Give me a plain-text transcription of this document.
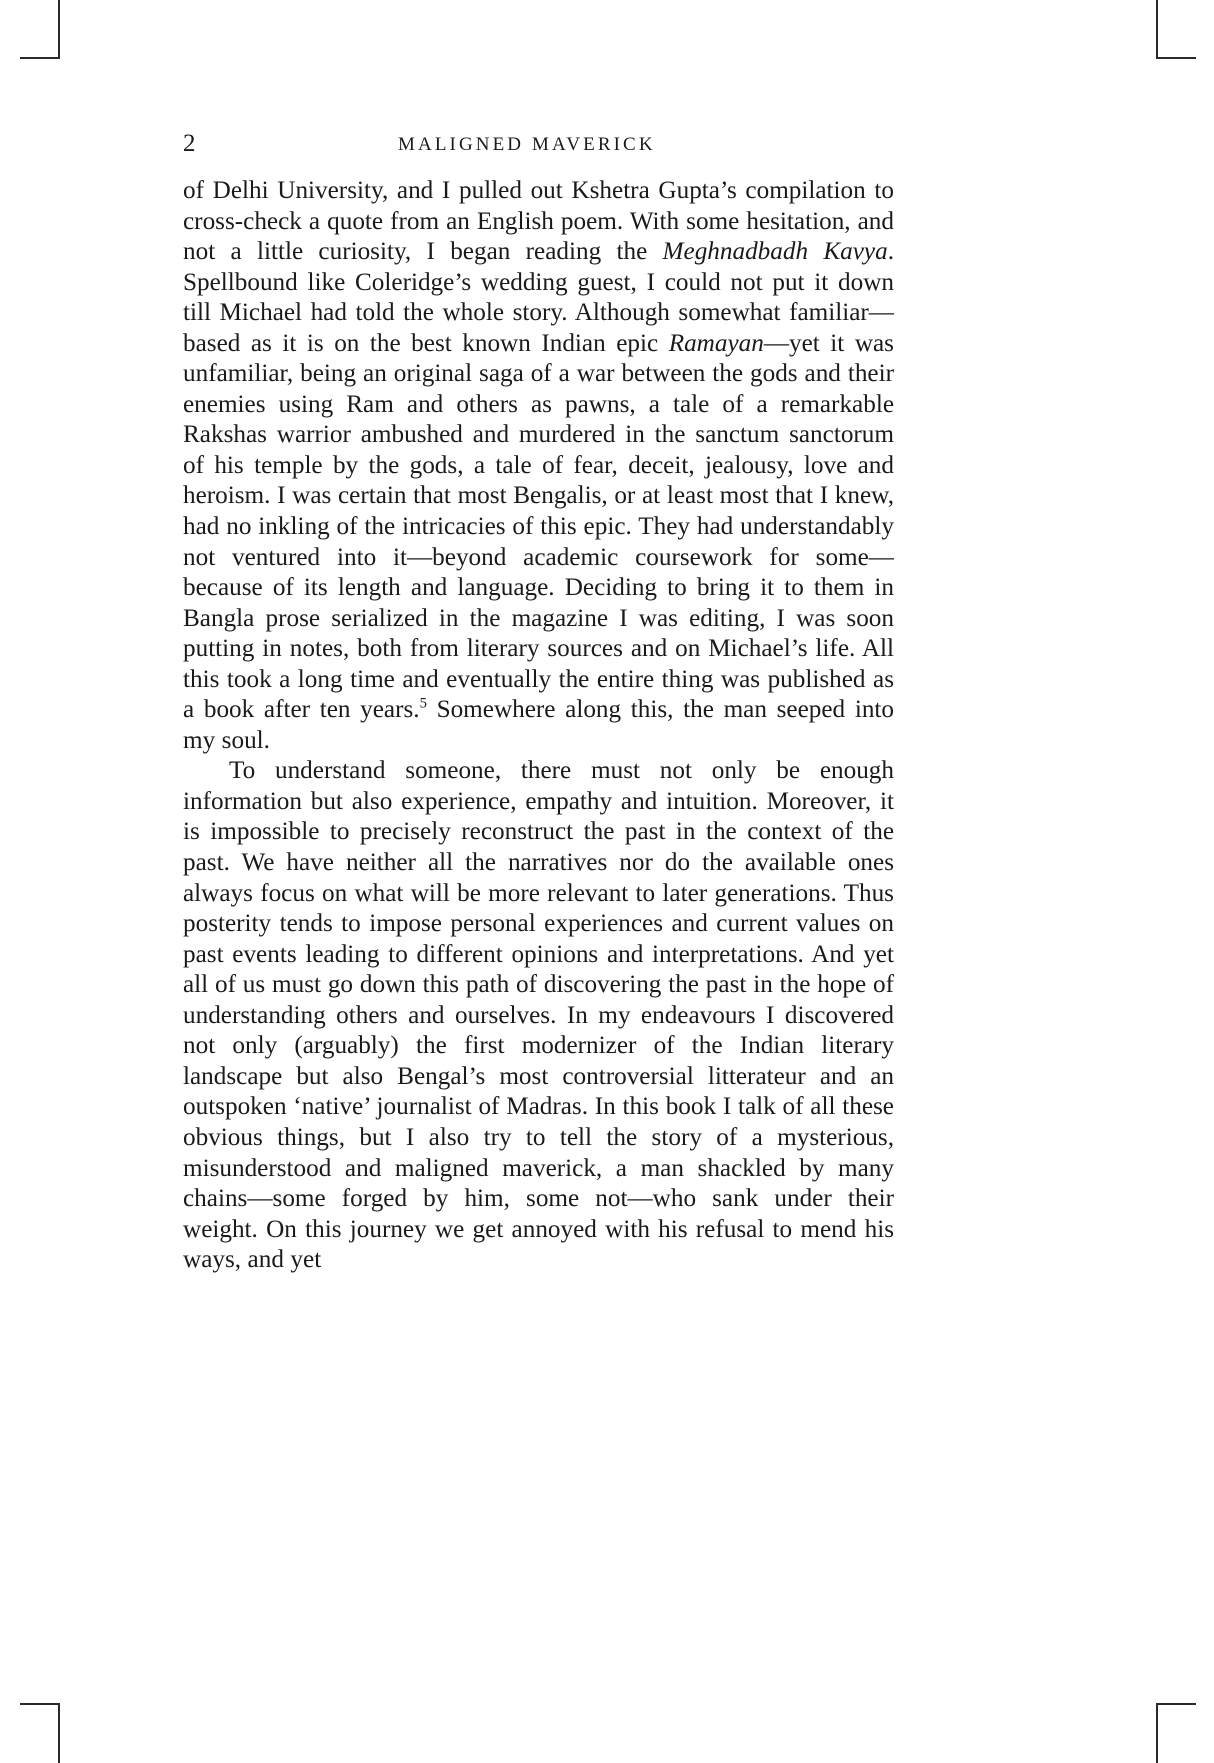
2	MALIGNED MAVERICK

of Delhi University, and I pulled out Kshetra Gupta’s compilation to cross-check a quote from an English poem. With some hesitation, and not a little curiosity, I began reading the Meghnadbadh Kavya. Spellbound like Coleridge’s wedding guest, I could not put it down till Michael had told the whole story. Although somewhat familiar—based as it is on the best known Indian epic Ramayan—yet it was unfamiliar, being an original saga of a war between the gods and their enemies using Ram and others as pawns, a tale of a remarkable Rakshas warrior ambushed and murdered in the sanctum sanctorum of his temple by the gods, a tale of fear, deceit, jealousy, love and heroism. I was certain that most Bengalis, or at least most that I knew, had no inkling of the intricacies of this epic. They had understandably not ventured into it—beyond academic coursework for some—because of its length and language. Deciding to bring it to them in Bangla prose serialized in the magazine I was editing, I was soon putting in notes, both from literary sources and on Michael’s life. All this took a long time and eventually the entire thing was published as a book after ten years.$^5$ Somewhere along this, the man seeped into my soul.

To understand someone, there must not only be enough information but also experience, empathy and intuition. Moreover, it is impossible to precisely reconstruct the past in the context of the past. We have neither all the narratives nor do the available ones always focus on what will be more relevant to later generations. Thus posterity tends to impose personal experiences and current values on past events leading to different opinions and interpretations. And yet all of us must go down this path of discovering the past in the hope of understanding others and ourselves. In my endeavours I discovered not only (arguably) the first modernizer of the Indian literary landscape but also Bengal’s most controversial litterateur and an outspoken ‘native’ journalist of Madras. In this book I talk of all these obvious things, but I also try to tell the story of a mysterious, misunderstood and maligned maverick, a man shackled by many chains—some forged by him, some not—who sank under their weight. On this journey we get annoyed with his refusal to mend his ways, and yet
